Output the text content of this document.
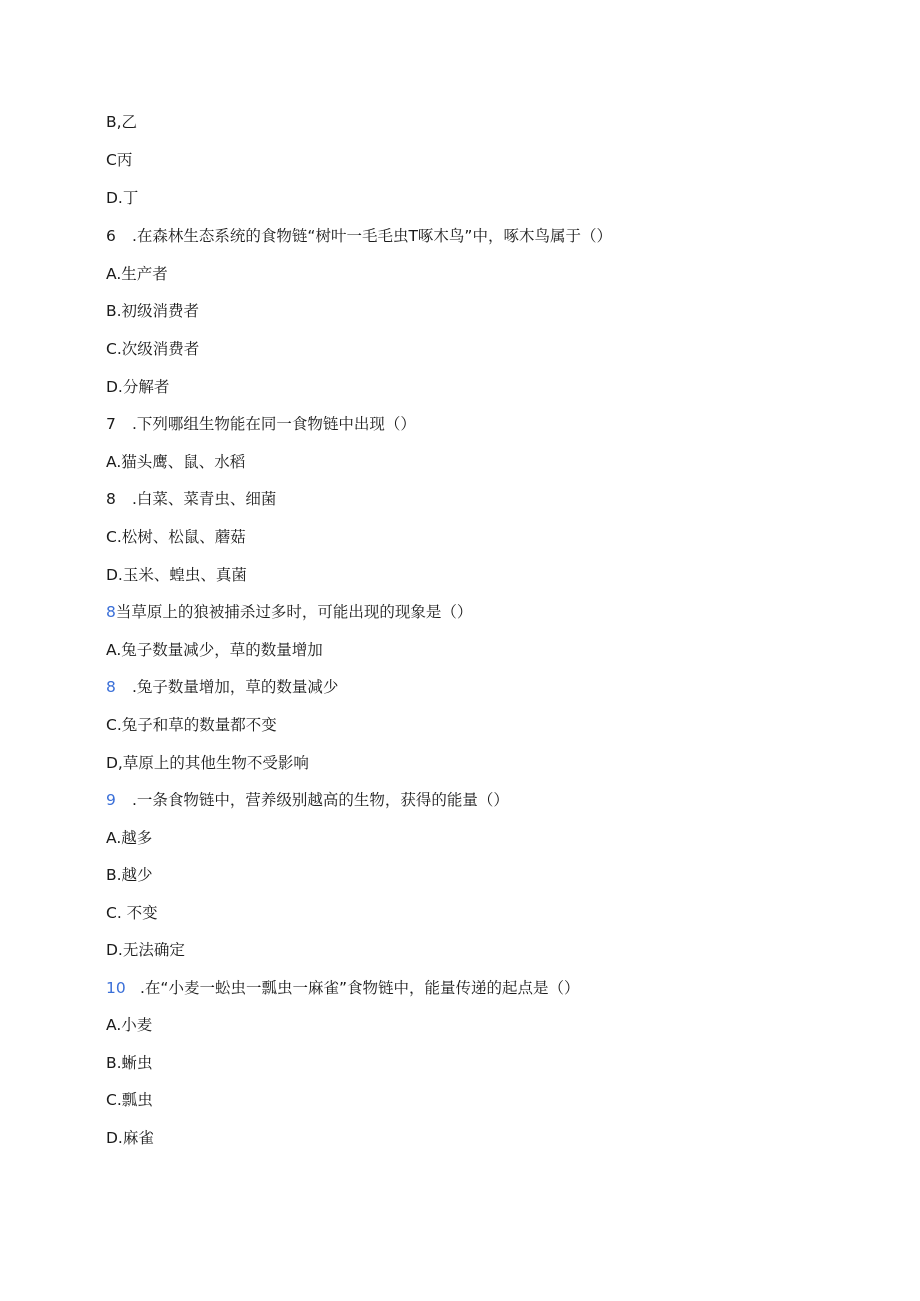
B,乙
C丙
D.丁
6 .在森林生态系统的食物链“树叶一毛毛虫T啄木鸟”中，啄木鸟属于（）
A.生产者
B.初级消费者
C.次级消费者
D.分解者
7 .下列哪组生物能在同一食物链中出现（）
A.猫头鹰、鼠、水稻
8 .白菜、菜青虫、细菌
C.松树、松鼠、蘑菇
D.玉米、蝗虫、真菌
8当草原上的狼被捕杀过多时，可能出现的现象是（）
A.兔子数量减少，草的数量增加
8 .兔子数量增加，草的数量减少
C.兔子和草的数量都不变
D,草原上的其他生物不受影响
9 .一条食物链中，营养级别越高的生物，获得的能量（）
A.越多
B.越少
C. 不变
D.无法确定
10 .在“小麦一蚣虫一瓢虫一麻雀”食物链中，能量传递的起点是（）
A.小麦
B.蜥虫
C.瓢虫
D.麻雀
